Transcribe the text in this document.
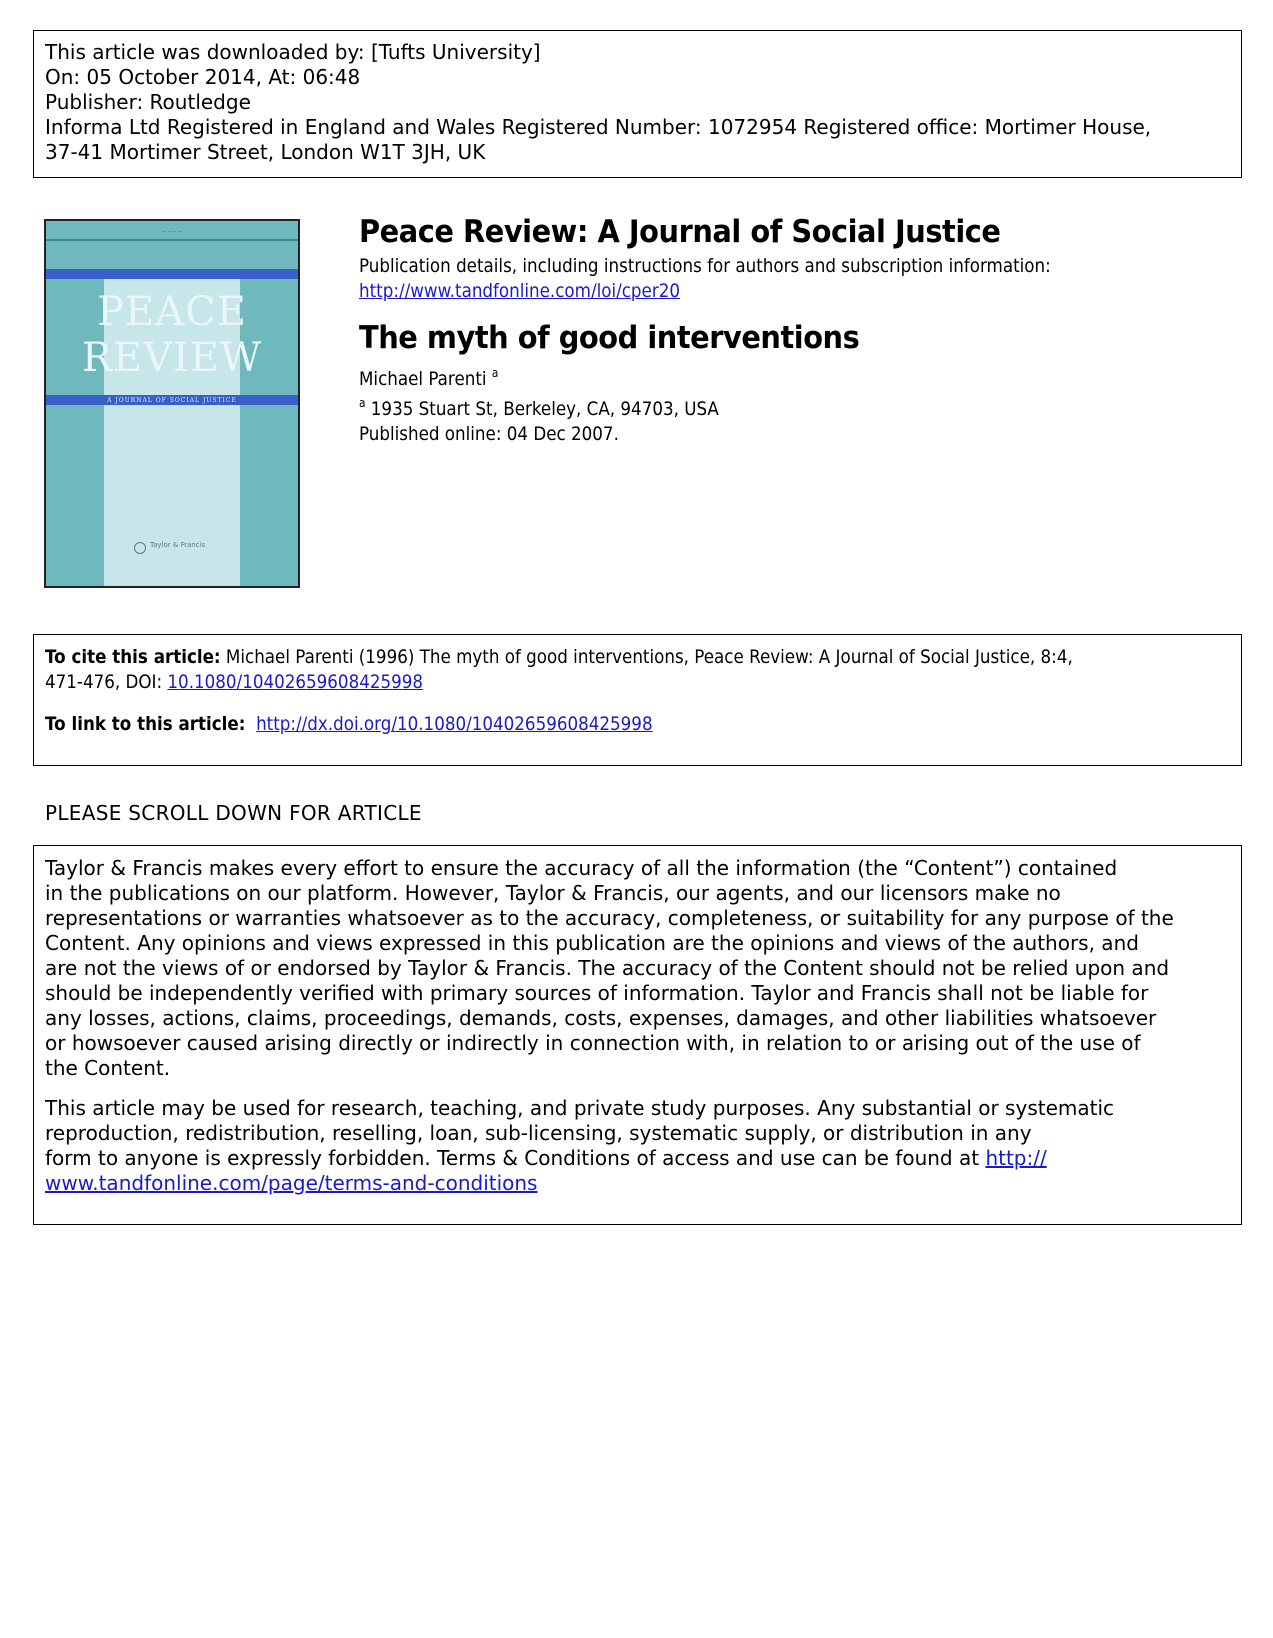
This article was downloaded by: [Tufts University]
On: 05 October 2014, At: 06:48
Publisher: Routledge
Informa Ltd Registered in England and Wales Registered Number: 1072954 Registered office: Mortimer House,
37-41 Mortimer Street, London W1T 3JH, UK
— — — —
PEACE
REVIEW
A JOURNAL OF SOCIAL JUSTICE
Taylor & Francis
Peace Review: A Journal of Social Justice
Publication details, including instructions for authors and subscription information:
http://www.tandfonline.com/loi/cper20
The myth of good interventions
Michael Parenti $^a$
$^a$ 1935 Stuart St, Berkeley, CA, 94703, USA
Published online: 04 Dec 2007.
To cite this article: Michael Parenti (1996) The myth of good interventions, Peace Review: A Journal of Social Justice, 8:4,
471-476, DOI: 10.1080/10402659608425998
To link to this article: http://dx.doi.org/10.1080/10402659608425998
PLEASE SCROLL DOWN FOR ARTICLE
Taylor & Francis makes every effort to ensure the accuracy of all the information (the “Content”) contained
in the publications on our platform. However, Taylor & Francis, our agents, and our licensors make no
representations or warranties whatsoever as to the accuracy, completeness, or suitability for any purpose of the
Content. Any opinions and views expressed in this publication are the opinions and views of the authors, and
are not the views of or endorsed by Taylor & Francis. The accuracy of the Content should not be relied upon and
should be independently verified with primary sources of information. Taylor and Francis shall not be liable for
any losses, actions, claims, proceedings, demands, costs, expenses, damages, and other liabilities whatsoever
or howsoever caused arising directly or indirectly in connection with, in relation to or arising out of the use of
the Content.
This article may be used for research, teaching, and private study purposes. Any substantial or systematic
reproduction, redistribution, reselling, loan, sub-licensing, systematic supply, or distribution in any
form to anyone is expressly forbidden. Terms & Conditions of access and use can be found at http://
www.tandfonline.com/page/terms-and-conditions
